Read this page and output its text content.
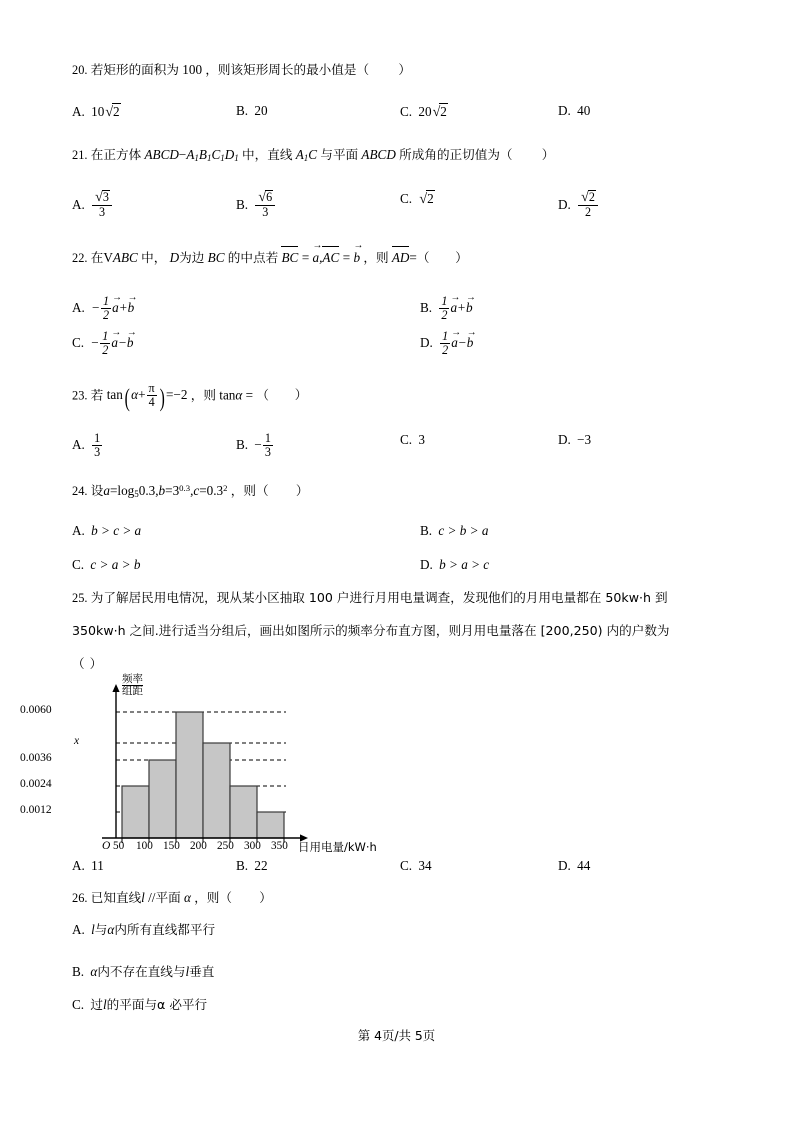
20. 若矩形的面积为 100 ，则该矩形周长的最小值是（ ）
A. 10√2	B. 20	C. 20√2	D. 40
21. 在正方体 $ABCD-A_1B_1C_1D_1$ 中，直线 $A_1C$ 与平面 ABCD 所成角的正切值为（ ）
A. $\frac{√3}{3}$	B. $\frac{√6}{3}$	C. √2	D. $\frac{√2}{2}$
22. 在VABC 中， D为边 BC 的中点若 BC = a
→
,AC = b
→
，则 AD=（ ）
A. − $\frac{1}{2}$ a
→
+b
→
B. $\frac{1}{2}$ a
→
+b
→
C. − $\frac{1}{2}$ a
→
−b
→
D. $\frac{1}{2}$ a
→
−b
→
23. 若 tan( $\alpha+ \frac{\pi}{4}$ ) =−2 ，则 tanα = （ ）
A. $\frac{1}{3}$	B. − $\frac{1}{3}$	C. 3	D. −3
24. 设$a=\log_50.3,b=3^{0.3},c=0.3^2$ ，则（ ）
A. b > c > a	B. c > b > a
C. c > a > b	D. b > a > c
25. 为了解居民用电情况，现从某小区抽取 100 户进行月用电量调查，发现他们的月用电量都在 50kw·h 到
350kw·h 之间.进行适当分组后，画出如图所示的频率分布直方图，则月用电量落在 [200,250) 内的户数为
（ ）
0.0060
x
0.0036
0.0024
0.0012
频率
组距
O 50 100 150 200 250 300 350 日用电量/kW·h
A. 11	B. 22	C. 34	D. 44
26. 已知直线l //平面 α ，则（ ）
A. l与α内所有直线都平行
B. α内不存在直线与l垂直
C. 过l的平面与α 必平行
第 4页/共 5页
